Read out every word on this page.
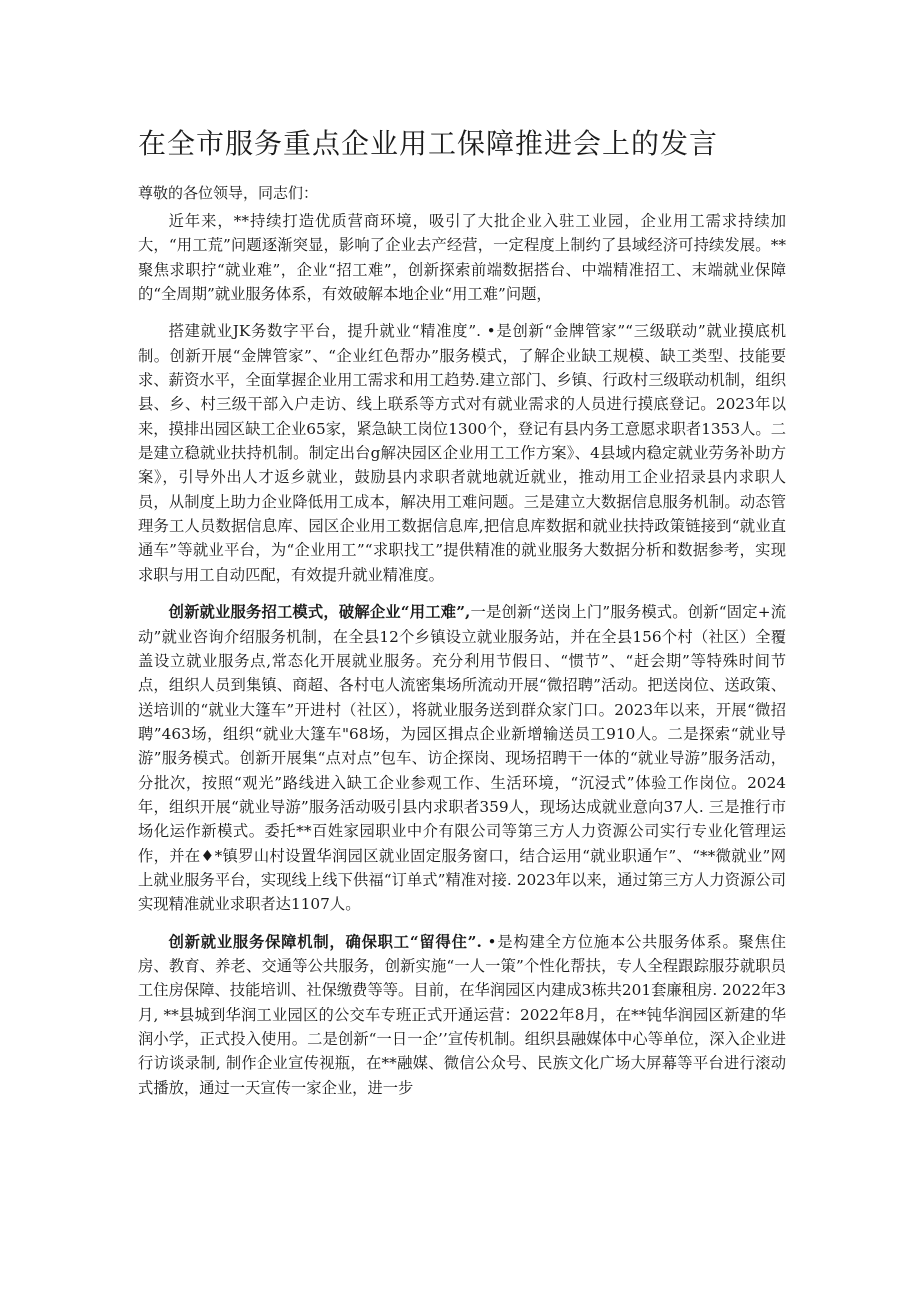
在全市服务重点企业用工保障推进会上的发言

尊敬的各位领导，同志们：

近年来，**持续打造优质营商环境，吸引了大批企业入驻工业园，企业用工需求持续加大，“用工荒”问题逐渐突显，影响了企业去产经营，一定程度上制约了县域经济可持续发展。**聚焦求职拧“就业难”，企业“招工难”，创新探索前端数据搭台、中端精准招工、末端就业保障的“全周期”就业服务体系，有效破解本地企业“用工难”问题，

搭建就业JK务数字平台，提升就业“精准度”. •是创新“金牌管家”“三级联动”就业摸底机制。创新开展“金牌管家”、“企业红色帮办”服务模式，了解企业缺工规模、缺工类型、技能要求、薪资水平，全面掌握企业用工需求和用工趋势.建立部门、乡镇、行政村三级联动机制，组织县、乡、村三级干部入户走访、线上联系等方式对有就业需求的人员进行摸底登记。2023年以来，摸排出园区缺工企业65家，紧急缺工岗位1300个，登记有县内务工意愿求职者1353人。二是建立稳就业扶持机制。制定出台g解决园区企业用工工作方案》、4县域内稳定就业劳务补助方案》，引导外出人才返乡就业，鼓励县内求职者就地就近就业，推动用工企业招录县内求职人员，从制度上助力企业降低用工成本，解决用工难问题。三是建立大数据信息服务机制。动态管理务工人员数据信息库、园区企业用工数据信息库,把信息库数据和就业扶持政策链接到“就业直通车”等就业平台，为“企业用工”“求职找工”提供精准的就业服务大数据分析和数据参考，实现求职与用工自动匹配，有效提升就业精准度。

创新就业服务招工模式，破解企业“用工难”,一是创新“送岗上门”服务模式。创新“固定+流动”就业咨询介绍服务机制，在全县12个乡镇设立就业服务站，并在全县156个村（社区）全覆盖设立就业服务点,常态化开展就业服务。充分利用节假日、“惯节”、“赶会期”等特殊时间节点，组织人员到集镇、商超、各村屯人流密集场所流动开展“微招聘”活动。把送岗位、送政策、送培训的“就业大篷车”开进村（社区），将就业服务送到群众家门口。2023年以来，开展“微招聘”463场，组织“就业大篷车"68场，为园区揖点企业新增输送员工910人。二是探索“就业导游”服务模式。创新开展集“点对点”包车、访企探岗、现场招聘干一体的“就业导游”服务活动，分批次，按照“观光”路线进入缺工企业参观工作、生活环境，“沉浸式”体验工作岗位。2024年，组织开展“就业导游”服务活动吸引县内求职者359人，现场达成就业意向37人. 三是推行市场化运作新模式。委托**百姓家园职业中介有限公司等第三方人力资源公司实行专业化管理运作，并在♦*镇罗山村设置华润园区就业固定服务窗口，结合运用“就业职通乍”、“**微就业”网上就业服务平台，实现线上线下供福“订单式”精准对接. 2023年以来，通过第三方人力资源公司实现精准就业求职者达1107人。

创新就业服务保障机制，确保职工“留得住”. •是构建全方位施本公共服务体系。聚焦住房、教育、养老、交通等公共服务，创新实施“一人一策”个性化帮扶，专人全程跟踪服芬就职员工住房保障、技能培训、社保缴费等等。目前，在华润园区内建成3栋共201套廉租房. 2022年3月, **县城到华润工业园区的公交车专班正式开通运营：2022年8月，在**钝华润园区新建的华润小学，正式投入使用。二是创新“一日一企’’宣传机制。组织县融媒体中心等单位，深入企业进行访谈录制, 制作企业宣传视瓶，在**融媒、微信公众号、民族文化广场大屏幕等平台进行滚动式播放，通过一天宣传一家企业，进一步
